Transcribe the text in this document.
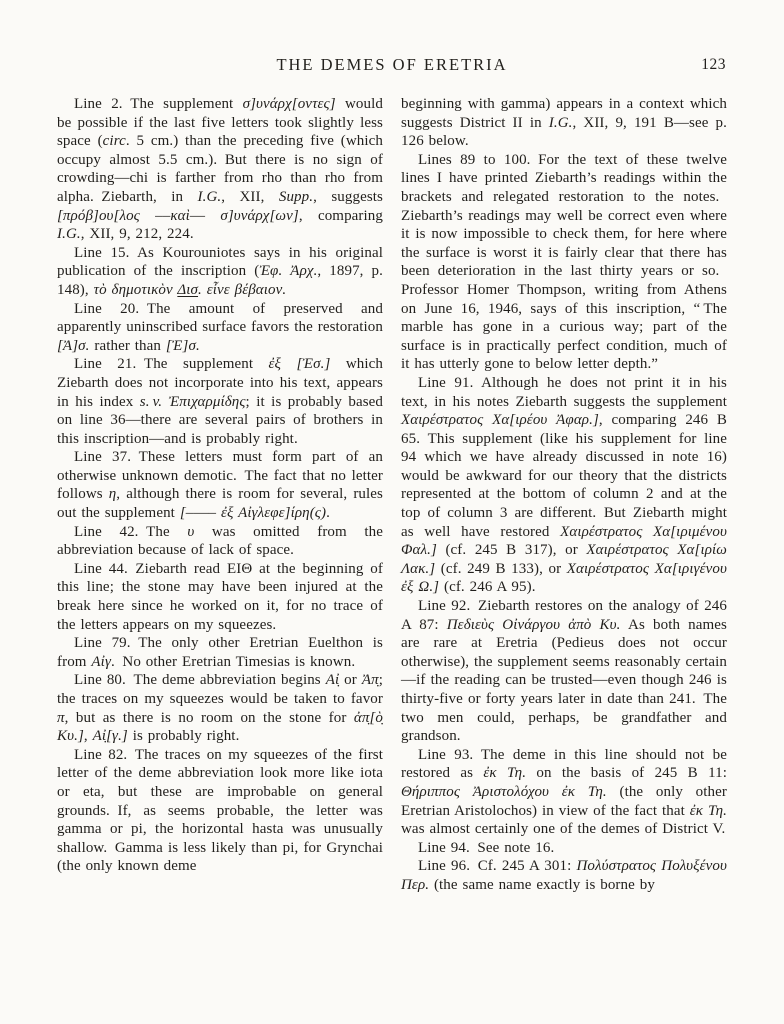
THE DEMES OF ERETRIA	123

Line 2. The supplement σ]υνάρχ[οντες] would be possible if the last five letters took slightly less space (circ. 5 cm.) than the preceding five (which occupy almost 5.5 cm.). But there is no sign of crowding—chi is farther from rho than rho from alpha. Ziebarth, in I.G., XII, Supp., suggests [πρόβ]ου[λος ––καὶ–– σ]υνάρχ[ων], comparing I.G., XII, 9, 212, 224.

Line 15. As Kourouniotes says in his original publication of the inscription (Ἐφ. Ἀρχ., 1897, p. 148), τὸ δημοτικὸν Δισ. εἶνε βέβαιον.

Line 20. The amount of preserved and apparently uninscribed surface favors the restoration [Ἀ]σ. rather than [Ἐ]σ.

Line 21. The supplement ἐξ [Ἐσ.] which Ziebarth does not incorporate into his text, appears in his index s. v. Ἐπιχαρμίδης; it is probably based on line 36—there are several pairs of brothers in this inscription—and is probably right.

Line 37. These letters must form part of an otherwise unknown demotic. The fact that no letter follows η, although there is room for several, rules out the supplement [–––– ἐξ Αἰγλεφε]ίρη(ς).

Line 42. The υ was omitted from the abbreviation because of lack of space.

Line 44. Ziebarth read ΕΙΘ at the beginning of this line; the stone may have been injured at the break here since he worked on it, for no trace of the letters appears on my squeezes.

Line 79. The only other Eretrian Euelthon is from Αἰγ. No other Eretrian Timesias is known.

Line 80. The deme abbreviation begins Αἰ̣ or Ἀπ̣; the traces on my squeezes would be taken to favor π, but as there is no room on the stone for ἀπ̣[ὸ̣ Κυ.], Αἰ̣[γ.] is probably right.

Line 82. The traces on my squeezes of the first letter of the deme abbreviation look more like iota or eta, but these are improbable on general grounds. If, as seems probable, the letter was gamma or pi, the horizontal hasta was unusually shallow. Gamma is less likely than pi, for Grynchai (the only known deme

beginning with gamma) appears in a context which suggests District II in I.G., XII, 9, 191 B—see p. 126 below.

Lines 89 to 100. For the text of these twelve lines I have printed Ziebarth’s readings within the brackets and relegated restoration to the notes. Ziebarth’s readings may well be correct even where it is now impossible to check them, for here where the surface is worst it is fairly clear that there has been deterioration in the last thirty years or so. Professor Homer Thompson, writing from Athens on June 16, 1946, says of this inscription, “ The marble has gone in a curious way; part of the surface is in practically perfect condition, much of it has utterly gone to below letter depth.”

Line 91. Although he does not print it in his text, in his notes Ziebarth suggests the supplement Χαιρέστρατος Χα[ιρέου Ἀφαρ.], comparing 246 B 65. This supplement (like his supplement for line 94 which we have already discussed in note 16) would be awkward for our theory that the districts represented at the bottom of column 2 and at the top of column 3 are different. But Ziebarth might as well have restored Χαιρέστρατος Χα[ιριμένου Φαλ.] (cf. 245 B 317), or Χαιρέστρατος Χα[ιρίω Λακ.] (cf. 249 B 133), or Χαιρέστρατος Χα[ιριγένου ἐξ Ω.] (cf. 246 A 95).

Line 92. Ziebarth restores on the analogy of 246 A 87: Πεδιεὺς Οἰνάργου ἀπὸ Κυ. As both names are rare at Eretria (Pedieus does not occur otherwise), the supplement seems reasonably certain—if the reading can be trusted—even though 246 is thirty-five or forty years later in date than 241. The two men could, perhaps, be grandfather and grandson.

Line 93. The deme in this line should not be restored as ἐκ Τη. on the basis of 245 B 11: Θήριππος Ἀριστολόχου ἐκ Τη. (the only other Eretrian Aristolochos) in view of the fact that ἐκ Τη. was almost certainly one of the demes of District V.

Line 94. See note 16.

Line 96. Cf. 245 A 301: Πολύστρατος Πολυξένου Περ. (the same name exactly is borne by
